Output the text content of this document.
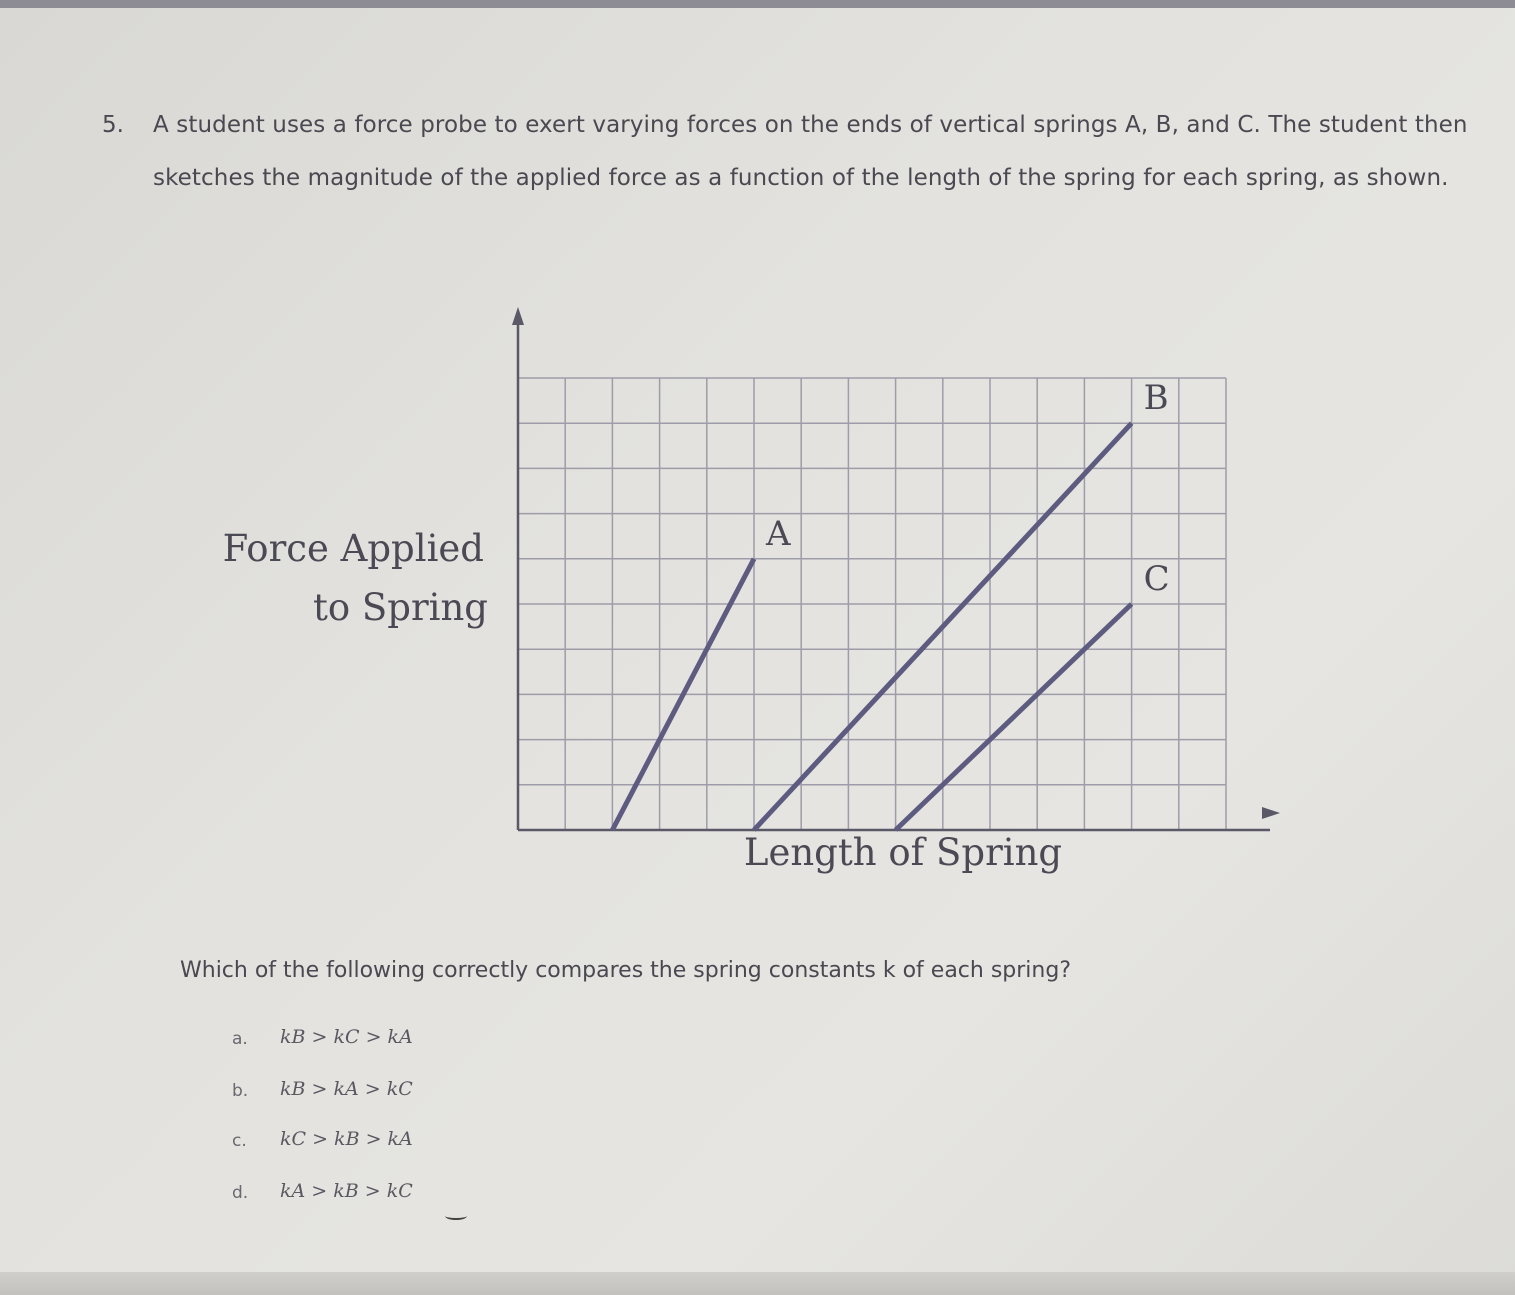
5. A student uses a force probe to exert varying forces on the ends of vertical springs A, B, and C. The student then
sketches the magnitude of the applied force as a function of the length of the spring for each spring, as shown.
Force Applied
to Spring
Length of Spring
A
B
C
Which of the following correctly compares the spring constants k of each spring?
a. kB > kC > kA
b. kB > kA > kC
c. kC > kB > kA
d. kA > kB > kC
